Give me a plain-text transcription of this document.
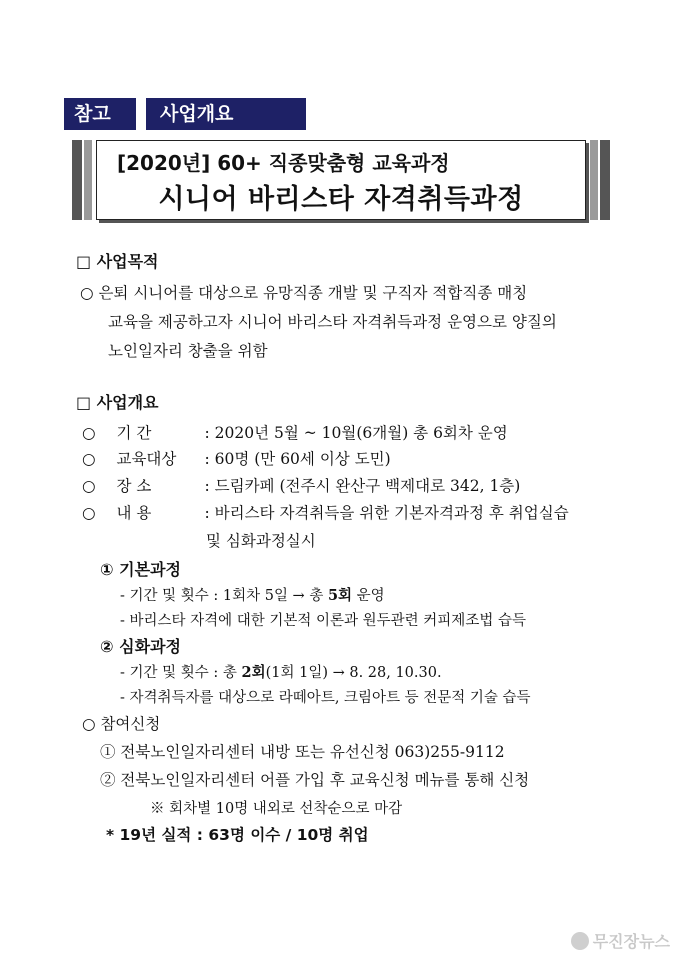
참고	사업개요
[2020년] 60+ 직종맞춤형 교육과정
시니어 바리스타 자격취득과정
□ 사업목적
○ 은퇴 시니어를 대상으로 유망직종 개발 및 구직자 적합직종 매칭
교육을 제공하고자 시니어 바리스타 자격취득과정 운영으로 양질의
노인일자리 창출을 위함
□ 사업개요
○ 기 간	: 2020년 5월 ~ 10월(6개월) 총 6회차 운영
○ 교육대상 : 60명 (만 60세 이상 도민)
○ 장 소	: 드림카페 (전주시 완산구 백제대로 342, 1층)
○ 내 용	: 바리스타 자격취득을 위한 기본자격과정 후 취업실습
및 심화과정실시
① 기본과정
- 기간 및 횟수 : 1회차 5일 → 총 5회 운영
- 바리스타 자격에 대한 기본적 이론과 원두관련 커피제조법 습득
② 심화과정
- 기간 및 횟수 : 총 2회(1회 1일) → 8. 28, 10.30.
- 자격취득자를 대상으로 라떼아트, 크림아트 등 전문적 기술 습득
○ 참여신청
① 전북노인일자리센터 내방 또는 유선신청 063)255-9112
② 전북노인일자리센터 어플 가입 후 교육신청 메뉴를 통해 신청
※ 회차별 10명 내외로 선착순으로 마감
* 19년 실적 : 63명 이수 / 10명 취업
무진장뉴스
